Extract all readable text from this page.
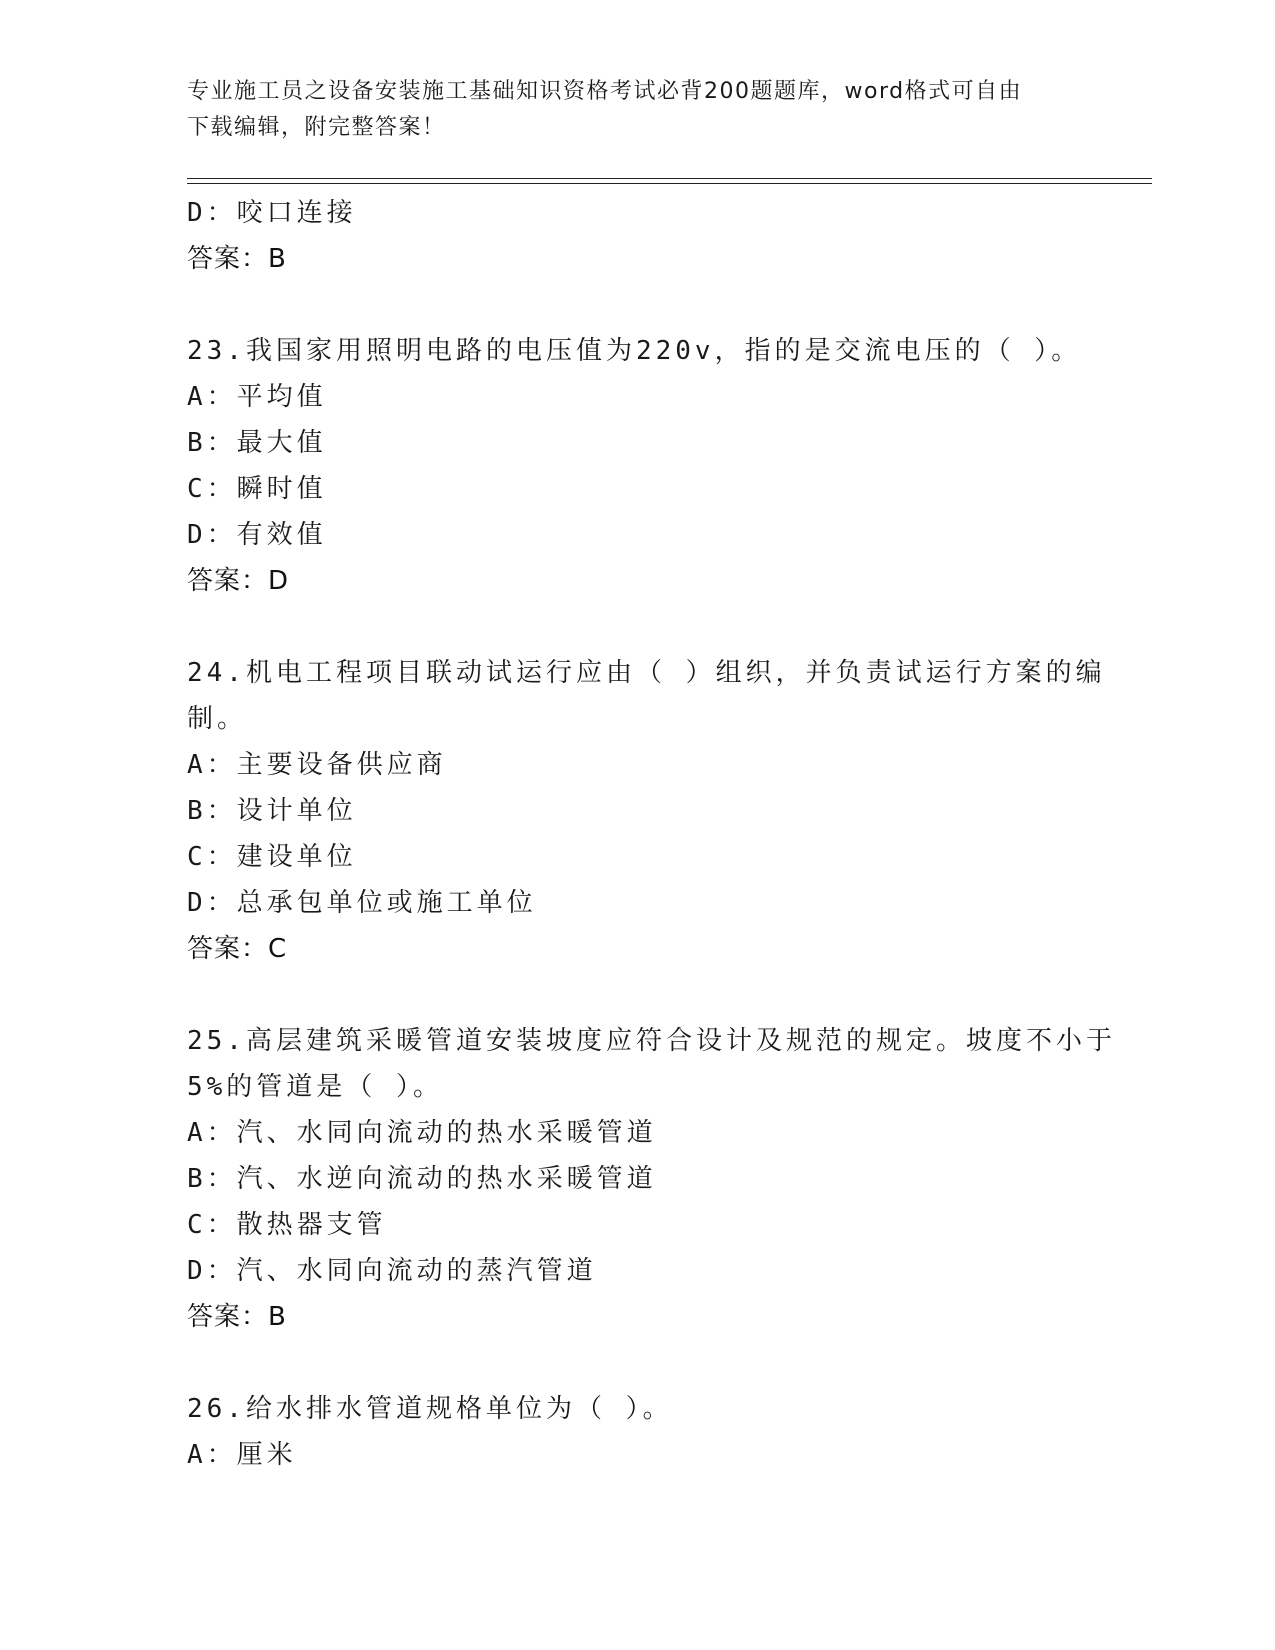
专业施工员之设备安装施工基础知识资格考试必背200题题库，word格式可自由
下载编辑，附完整答案！
D：咬口连接
答案：B
23.我国家用照明电路的电压值为220v，指的是交流电压的（ ）。
A：平均值
B：最大值
C：瞬时值
D：有效值
答案：D
24.机电工程项目联动试运行应由（ ）组织，并负责试运行方案的编
制。
A：主要设备供应商
B：设计单位
C：建设单位
D：总承包单位或施工单位
答案：C
25.高层建筑采暖管道安装坡度应符合设计及规范的规定。坡度不小于
5%的管道是（ ）。
A：汽、水同向流动的热水采暖管道
B：汽、水逆向流动的热水采暖管道
C：散热器支管
D：汽、水同向流动的蒸汽管道
答案：B
26.给水排水管道规格单位为（ ）。
A：厘米
